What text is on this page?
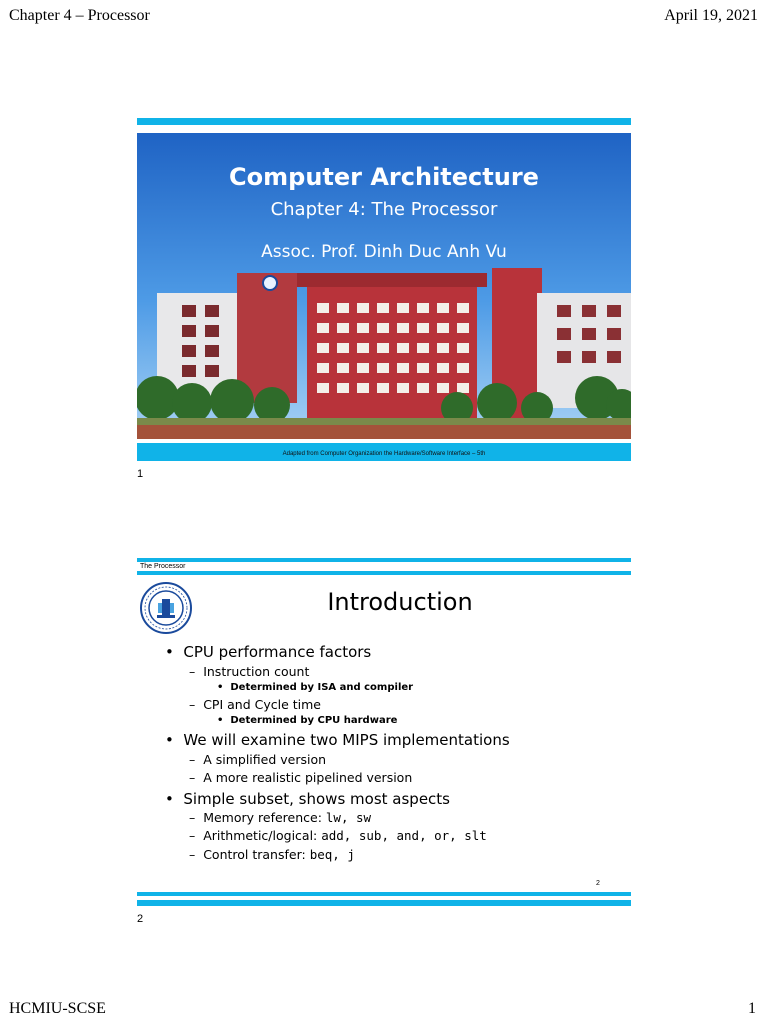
Chapter 4 – Processor	April 19, 2021
Computer Architecture
Chapter 4: The Processor
Assoc. Prof. Dinh Duc Anh Vu
Adapted from Computer Organization the Hardware/Software Interface – 5th
1
The Processor
Introduction
•  CPU performance factors
–  Instruction count
•  Determined by ISA and compiler
–  CPI and Cycle time
•  Determined by CPU hardware
•  We will examine two MIPS implementations
–  A simplified version
–  A more realistic pipelined version
•  Simple subset, shows most aspects
–  Memory reference: lw, sw
–  Arithmetic/logical: add, sub, and, or, slt
–  Control transfer: beq, j
2
2
HCMIU-SCSE	1
